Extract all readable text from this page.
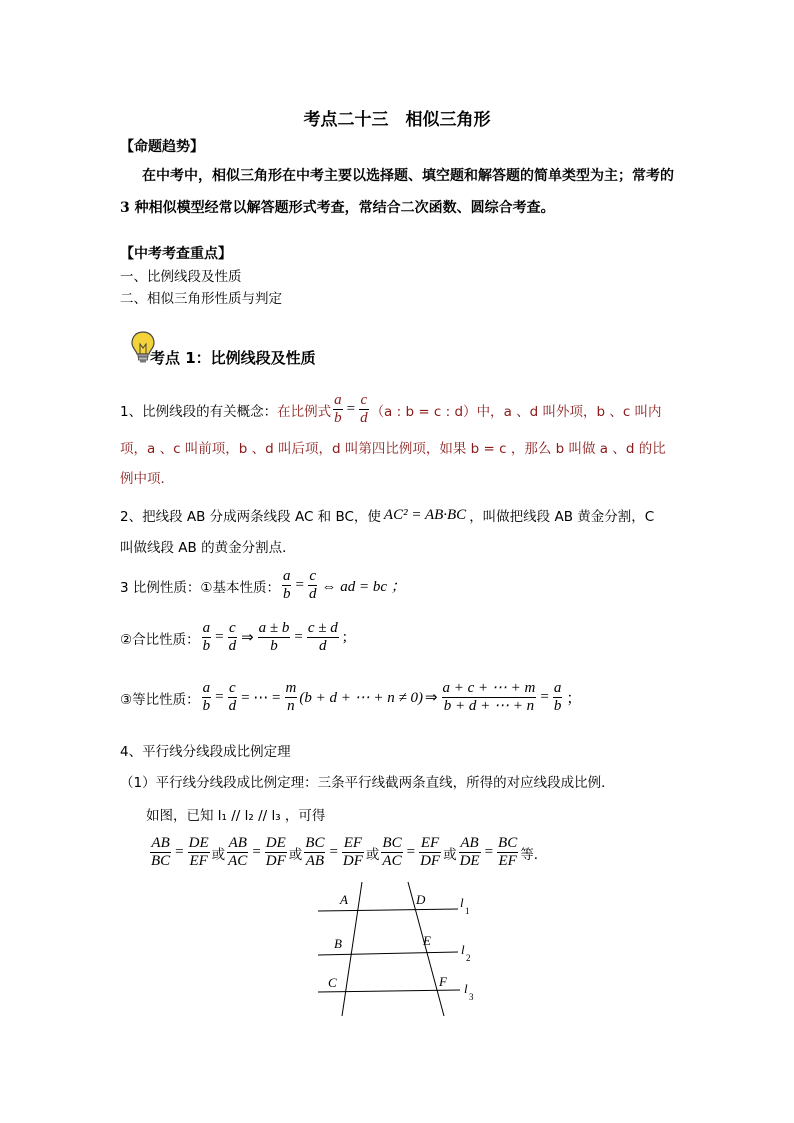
考点二十三　相似三角形
【命题趋势】
在中考中，相似三角形在中考主要以选择题、填空题和解答题的简单类型为主；常考的
3 种相似模型经常以解答题形式考查，常结合二次函数、圆综合考查。
【中考考查重点】
一、比例线段及性质
二、相似三角形性质与判定
考点 1：比例线段及性质
1、比例线段的有关概念： 在比例式 $\frac{a}{b} = \frac{c}{d} (a$ : b = c : d） 中， a 、d 叫外项，b 、c 叫内
项，a 、c 叫前项，b 、d 叫后项，d 叫第四比例项，如果 b = c ，那么 b 叫做 a 、d 的比
例中项．
2、把线段 AB 分成两条线段 AC 和 BC，使 AC² = AB·BC ，叫做把线段 AB 黄金分割，C
叫做线段 AB 的黄金分割点．
3 比例性质：①基本性质： $\frac{a}{b} = \frac{c}{d}$ ⇔ ad = bc ；
②合比性质： $\frac{a}{b} = \frac{c}{d}$ ⇒ $\frac{a \pm b}{b} = \frac{c \pm d}{d}$ ;
③等比性质： $\frac{a}{b} = \frac{c}{d}$ = ⋯ = $\frac{m}{n} (b + d$ + ⋯ + n ≠ 0) ⇒ $\frac{a + c + \cdots + m}{b + d + \cdots + n} = \frac{a}{b}$ ；
4、平行线分线段成比例定理
（1）平行线分线段成比例定理：三条平行线截两条直线，所得的对应线段成比例．
如图，已知 l₁ // l₂ // l₃ ，可得
$\frac{AB}{BC} = \frac{DE}{EF}$ 或 $\frac{AB}{AC} = \frac{DE}{DF}$ 或 $\frac{BC}{AB} = \frac{EF}{DF}$ 或 $\frac{BC}{AC} = \frac{EF}{DF}$ 或 $\frac{AB}{DE} = \frac{BC}{EF}$ 等．
A
B
C
D
E
F
l
1
l
2
l
3
